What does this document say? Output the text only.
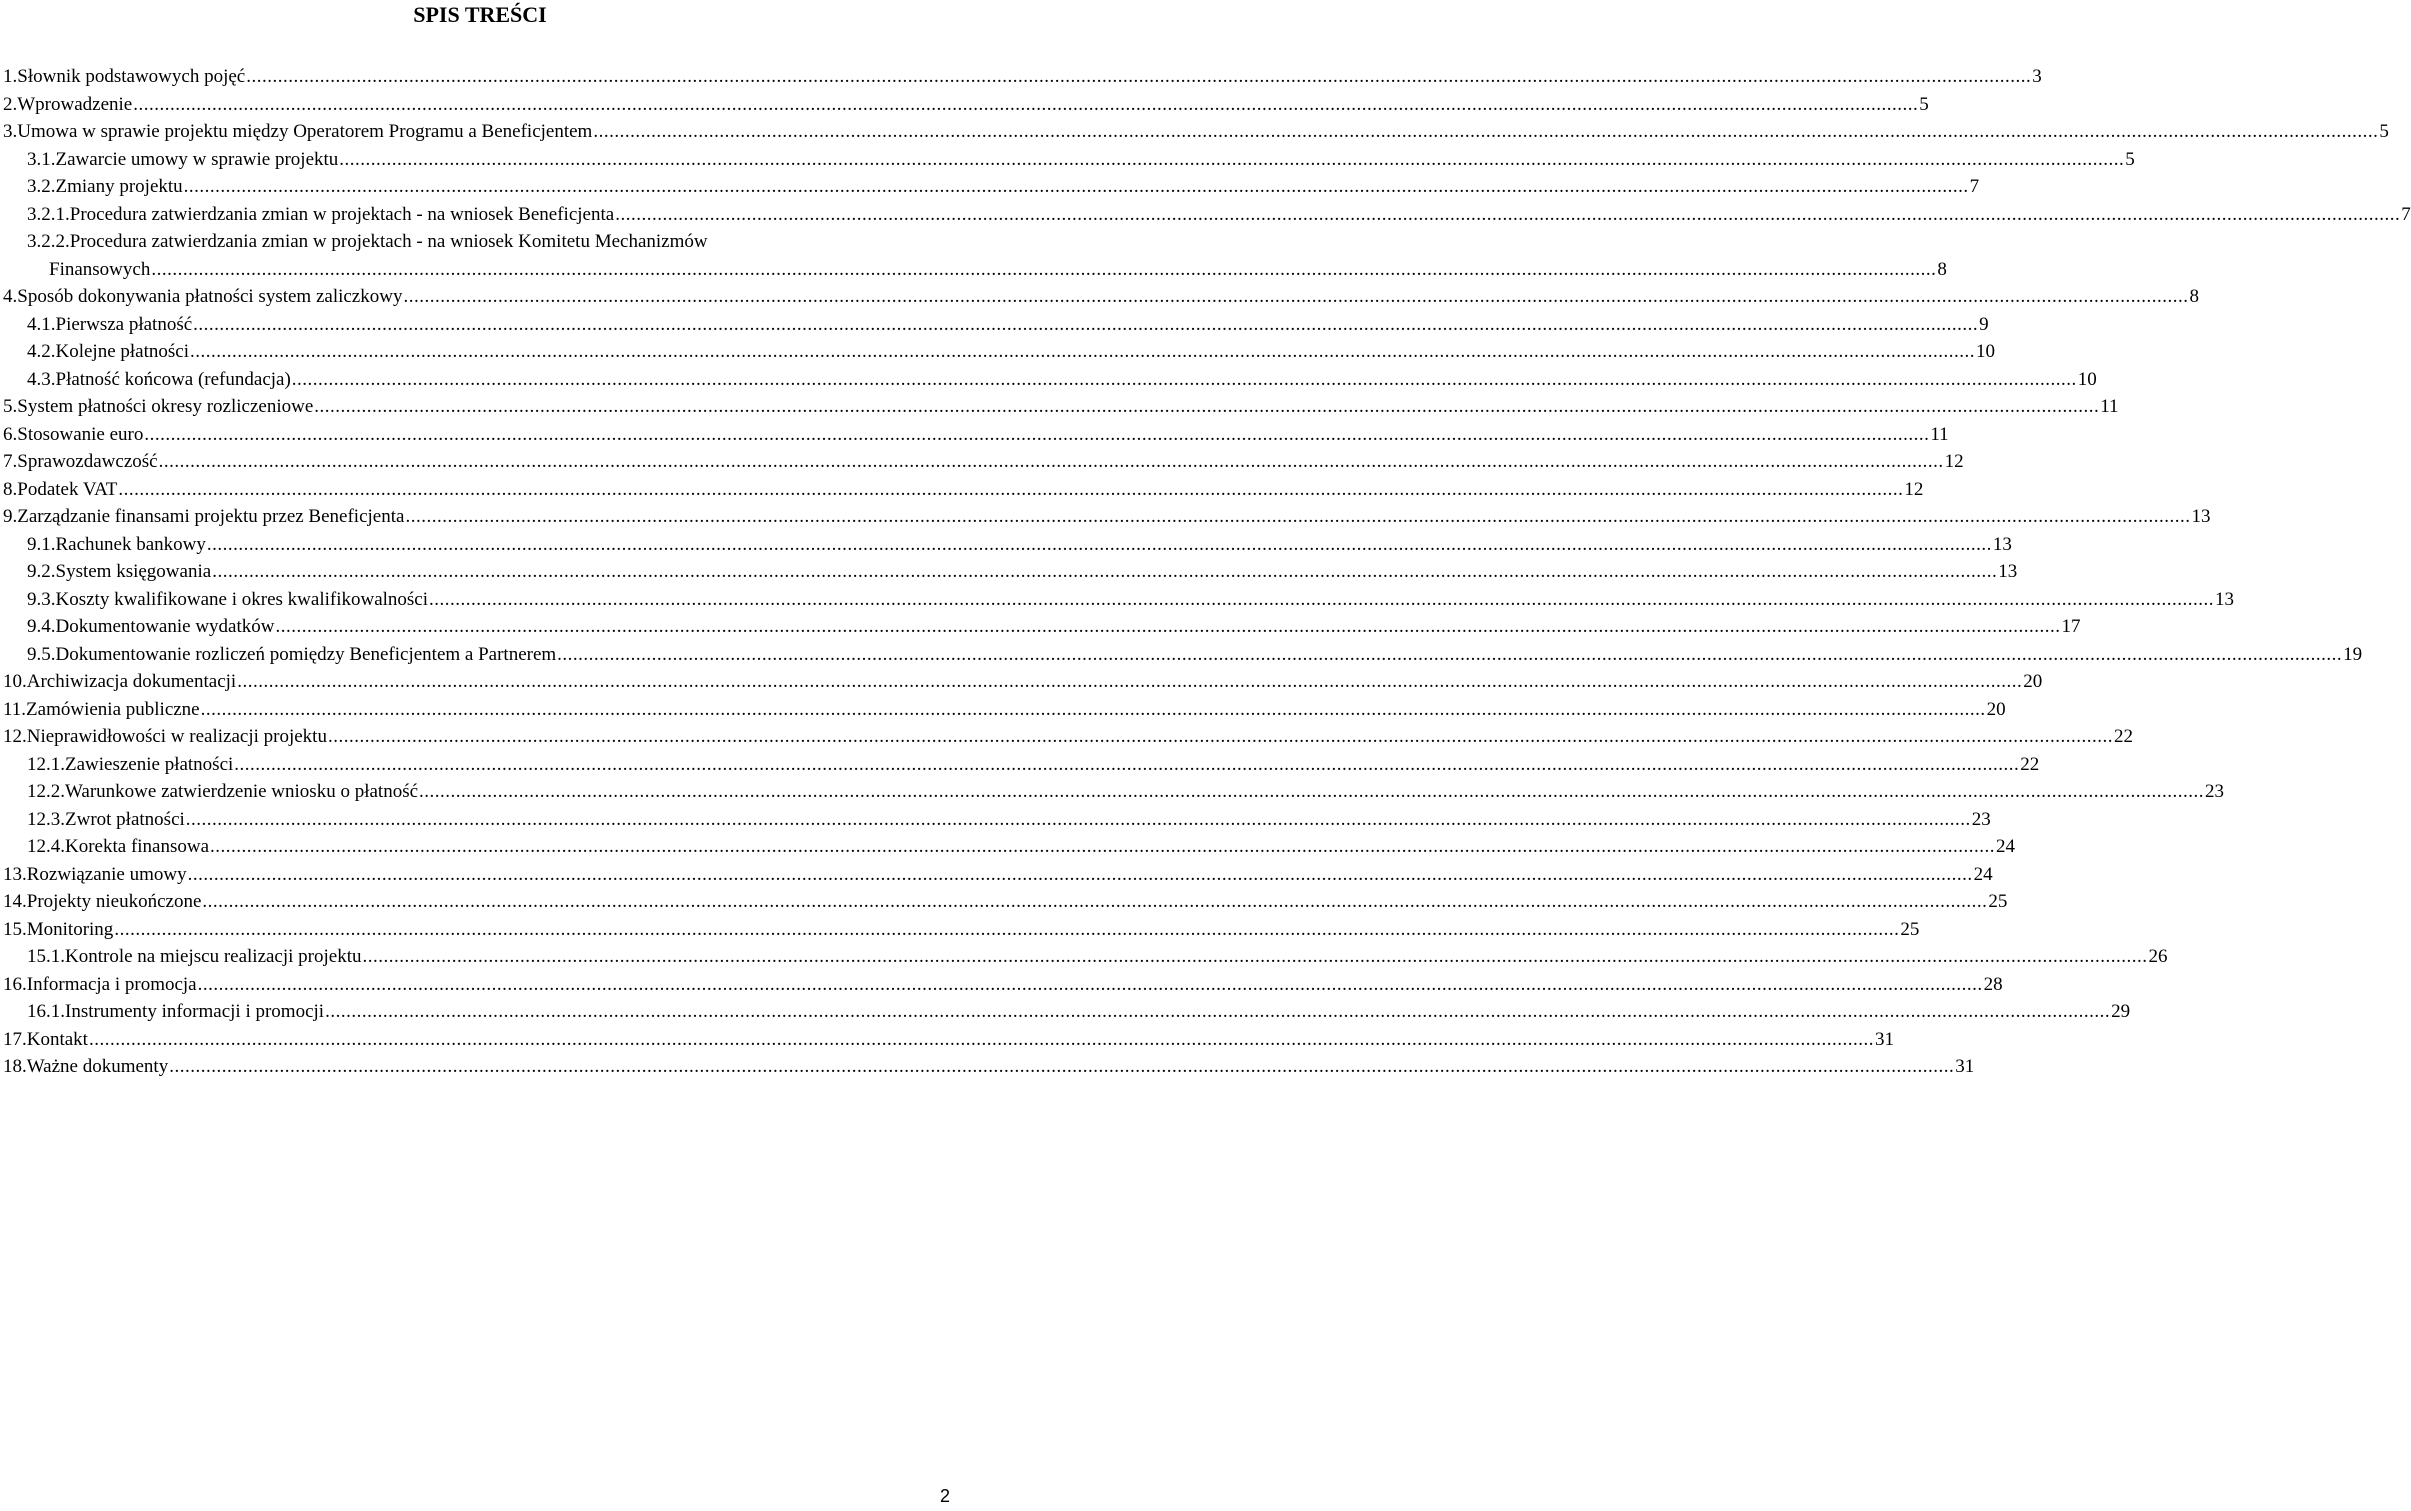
SPIS TREŚCI
1. Słownik podstawowych pojęć .....	3
2. Wprowadzenie .....	5
3. Umowa w sprawie projektu między Operatorem Programu a Beneficjentem .....	5
3.1. Zawarcie umowy w sprawie projektu .....	5
3.2. Zmiany projektu .....	7
3.2.1. Procedura zatwierdzania zmian w projektach - na wniosek Beneficjenta .....	7
3.2.2. Procedura zatwierdzania zmian w projektach - na wniosek Komitetu Mechanizmów
Finansowych .....	8
4. Sposób dokonywania płatności system zaliczkowy .....	8
4.1. Pierwsza płatność .....	9
4.2. Kolejne płatności .....	10
4.3. Płatność końcowa (refundacja) .....	10
5. System płatności okresy rozliczeniowe .....	11
6. Stosowanie euro .....	11
7. Sprawozdawczość .....	12
8. Podatek VAT .....	12
9. Zarządzanie finansami projektu przez Beneficjenta .....	13
9.1. Rachunek bankowy .....	13
9.2. System księgowania .....	13
9.3. Koszty kwalifikowane i okres kwalifikowalności .....	13
9.4. Dokumentowanie wydatków .....	17
9.5. Dokumentowanie rozliczeń pomiędzy Beneficjentem a Partnerem .....	19
10. Archiwizacja dokumentacji .....	20
11. Zamówienia publiczne .....	20
12. Nieprawidłowości w realizacji projektu .....	22
12.1. Zawieszenie płatności .....	22
12.2. Warunkowe zatwierdzenie wniosku o płatność .....	23
12.3. Zwrot płatności .....	23
12.4. Korekta finansowa .....	24
13. Rozwiązanie umowy .....	24
14. Projekty nieukończone .....	25
15. Monitoring .....	25
15.1. Kontrole na miejscu realizacji projektu .....	26
16. Informacja i promocja .....	28
16.1. Instrumenty informacji i promocji .....	29
17. Kontakt .....	31
18. Ważne dokumenty .....	31
2
